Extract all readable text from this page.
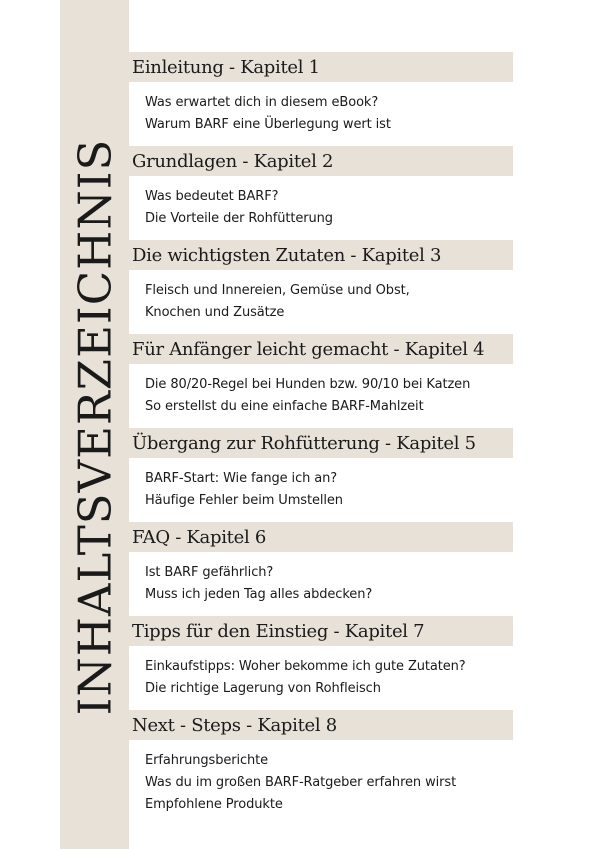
INHALTSVERZEICHNIS
Einleitung - Kapitel 1
Was erwartet dich in diesem eBook?
Warum BARF eine Überlegung wert ist
Grundlagen - Kapitel 2
Was bedeutet BARF?
Die Vorteile der Rohfütterung
Die wichtigsten Zutaten - Kapitel 3
Fleisch und Innereien, Gemüse und Obst,
Knochen und Zusätze
Für Anfänger leicht gemacht - Kapitel 4
Die 80/20-Regel bei Hunden bzw. 90/10 bei Katzen
So erstellst du eine einfache BARF-Mahlzeit
Übergang zur Rohfütterung - Kapitel 5
BARF-Start: Wie fange ich an?
Häufige Fehler beim Umstellen
FAQ - Kapitel 6
Ist BARF gefährlich?
Muss ich jeden Tag alles abdecken?
Tipps für den Einstieg - Kapitel 7
Einkaufstipps: Woher bekomme ich gute Zutaten?
Die richtige Lagerung von Rohfleisch
Next - Steps - Kapitel 8
Erfahrungsberichte
Was du im großen BARF-Ratgeber erfahren wirst
Empfohlene Produkte
